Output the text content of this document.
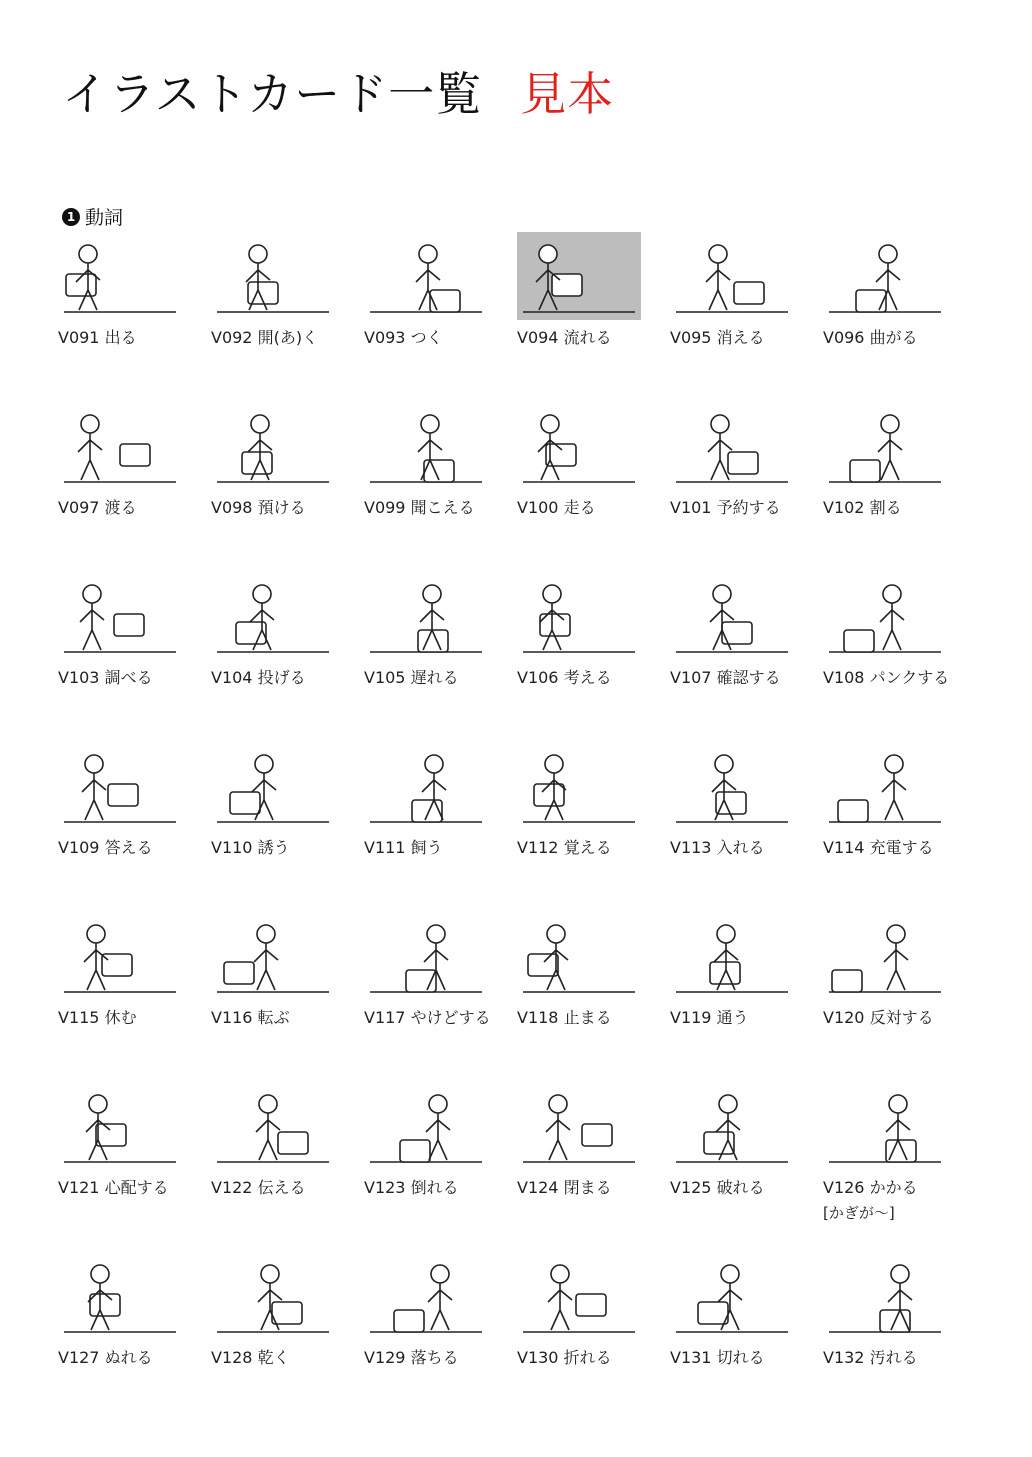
イラストカード一覧 見本
1 動詞
V091 出る	V092 開(あ)く	V093 つく	V094 流れる	V095 消える	V096 曲がる
V097 渡る	V098 預ける	V099 聞こえる	V100 走る	V101 予約する	V102 割る
V103 調べる	V104 投げる	V105 遅れる	V106 考える	V107 確認する	V108 パンクする
V109 答える	V110 誘う	V111 飼う	V112 覚える	V113 入れる	V114 充電する
V115 休む	V116 転ぶ	V117 やけどする V118 止まる	V119 通う	V120 反対する
V121 心配する	V122 伝える	V123 倒れる	V124 閉まる	V125 破れる	V126 かかる
[かぎが～]
V127 ぬれる	V128 乾く	V129 落ちる	V130 折れる	V131 切れる	V132 汚れる
